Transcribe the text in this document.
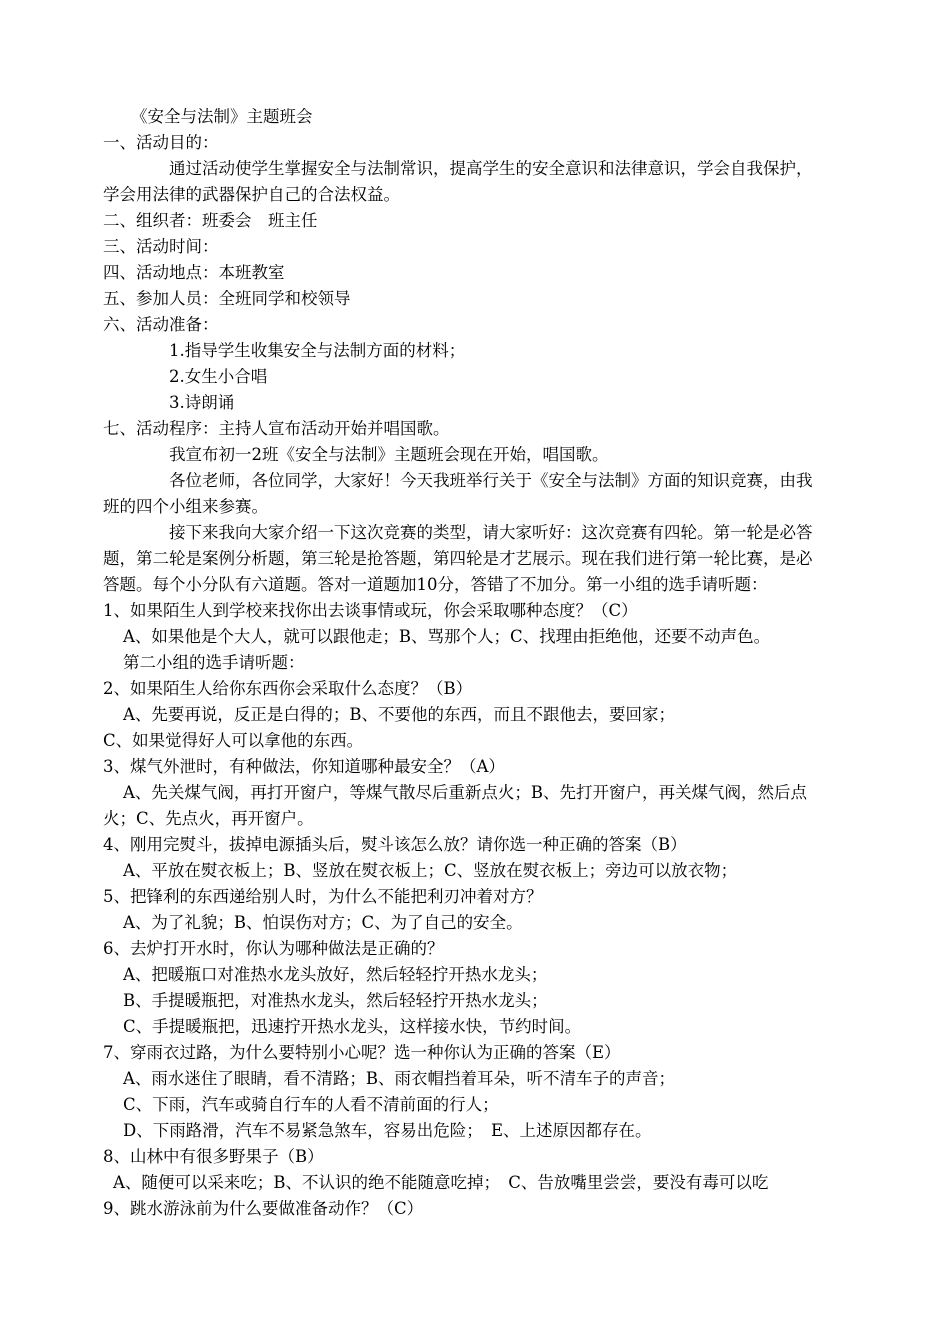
《安全与法制》主题班会
一、活动目的：
通过活动使学生掌握安全与法制常识，提高学生的安全意识和法律意识，学会自我保护，
学会用法律的武器保护自己的合法权益。
二、组织者：班委会　班主任
三、活动时间：
四、活动地点：本班教室
五、参加人员：全班同学和校领导
六、活动准备：
1.指导学生收集安全与法制方面的材料；
2.女生小合唱
3.诗朗诵
七、活动程序：主持人宣布活动开始并唱国歌。
我宣布初一2班《安全与法制》主题班会现在开始，唱国歌。
各位老师，各位同学，大家好！今天我班举行关于《安全与法制》方面的知识竞赛，由我
班的四个小组来参赛。
接下来我向大家介绍一下这次竞赛的类型，请大家听好：这次竞赛有四轮。第一轮是必答
题，第二轮是案例分析题，第三轮是抢答题，第四轮是才艺展示。现在我们进行第一轮比赛，是必
答题。每个小分队有六道题。答对一道题加10分，答错了不加分。第一小组的选手请听题：
1、如果陌生人到学校来找你出去谈事情或玩，你会采取哪种态度？（C）
A、如果他是个大人，就可以跟他走；B、骂那个人；C、找理由拒绝他，还要不动声色。
第二小组的选手请听题：
2、如果陌生人给你东西你会采取什么态度？（B）
A、先要再说，反正是白得的；B、不要他的东西，而且不跟他去，要回家；
C、如果觉得好人可以拿他的东西。
3、煤气外泄时，有种做法，你知道哪种最安全？（A）
A、先关煤气阀，再打开窗户，等煤气散尽后重新点火；B、先打开窗户，再关煤气阀，然后点
火；C、先点火，再开窗户。
4、刚用完熨斗，拔掉电源插头后，熨斗该怎么放？请你选一种正确的答案（B）
A、平放在熨衣板上；B、竖放在熨衣板上；C、竖放在熨衣板上；旁边可以放衣物；
5、把锋利的东西递给别人时，为什么不能把利刃冲着对方？
A、为了礼貌；B、怕误伤对方；C、为了自己的安全。
6、去炉打开水时，你认为哪种做法是正确的？
A、把暖瓶口对准热水龙头放好，然后轻轻拧开热水龙头；
B、手提暖瓶把，对准热水龙头，然后轻轻拧开热水龙头；
C、手提暖瓶把，迅速拧开热水龙头，这样接水快，节约时间。
7、穿雨衣过路，为什么要特别小心呢？选一种你认为正确的答案（E）
A、雨水迷住了眼睛，看不清路；B、雨衣帽挡着耳朵，听不清车子的声音；
C、下雨，汽车或骑自行车的人看不清前面的行人；
D、下雨路滑，汽车不易紧急煞车，容易出危险；　E、上述原因都存在。
8、山林中有很多野果子（B）
A、随便可以采来吃；B、不认识的绝不能随意吃掉；　C、告放嘴里尝尝，要没有毒可以吃
9、跳水游泳前为什么要做准备动作？（C）
